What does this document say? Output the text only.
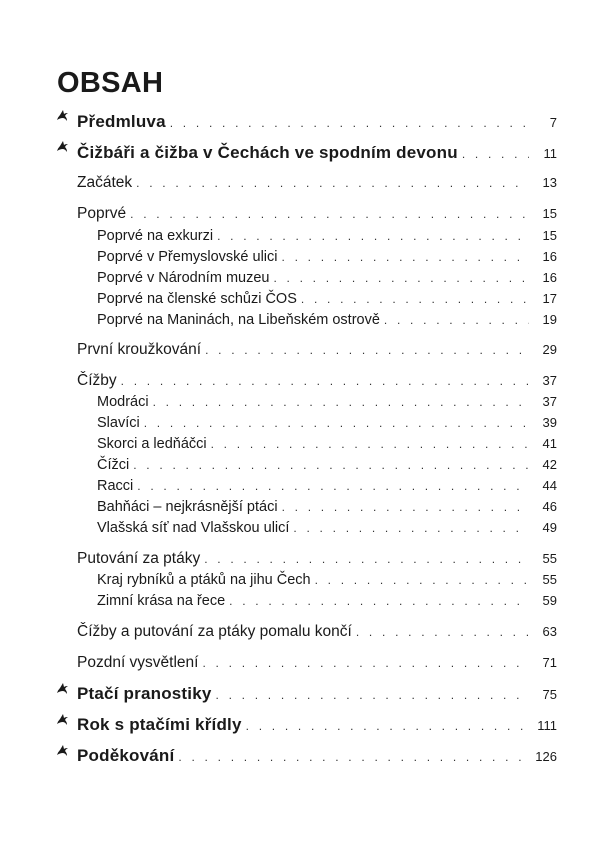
OBSAH
Předmluva . . .	7
Čižbáři a čižba v Čechách ve spodním devonu . . .	11
Začátek . . .	13
Poprvé . . .	15
Poprvé na exkurzi . . .	15
Poprvé v Přemyslovské ulici . . .	16
Poprvé v Národním muzeu . . .	16
Poprvé na členské schůzi ČOS . . .	17
Poprvé na Maninách, na Libeňském ostrově . . .	19
První kroužkování . . .	29
Čížby . . .	37
Modráci . . .	37
Slavíci . . .	39
Skorci a ledňáčci . . .	41
Čížci . . .	42
Racci . . .	44
Bahňáci – nejkrásnější ptáci . . .	46
Vlašská síť nad Vlašskou ulicí . . .	49
Putování za ptáky . . .	55
Kraj rybníků a ptáků na jihu Čech . . .	55
Zimní krása na řece . . .	59
Čížby a putování za ptáky pomalu končí . . .	63
Pozdní vysvětlení . . .	71
Ptačí pranostiky . . .	75
Rok s ptačími křídly . . .	111
Poděkování . . .	126
